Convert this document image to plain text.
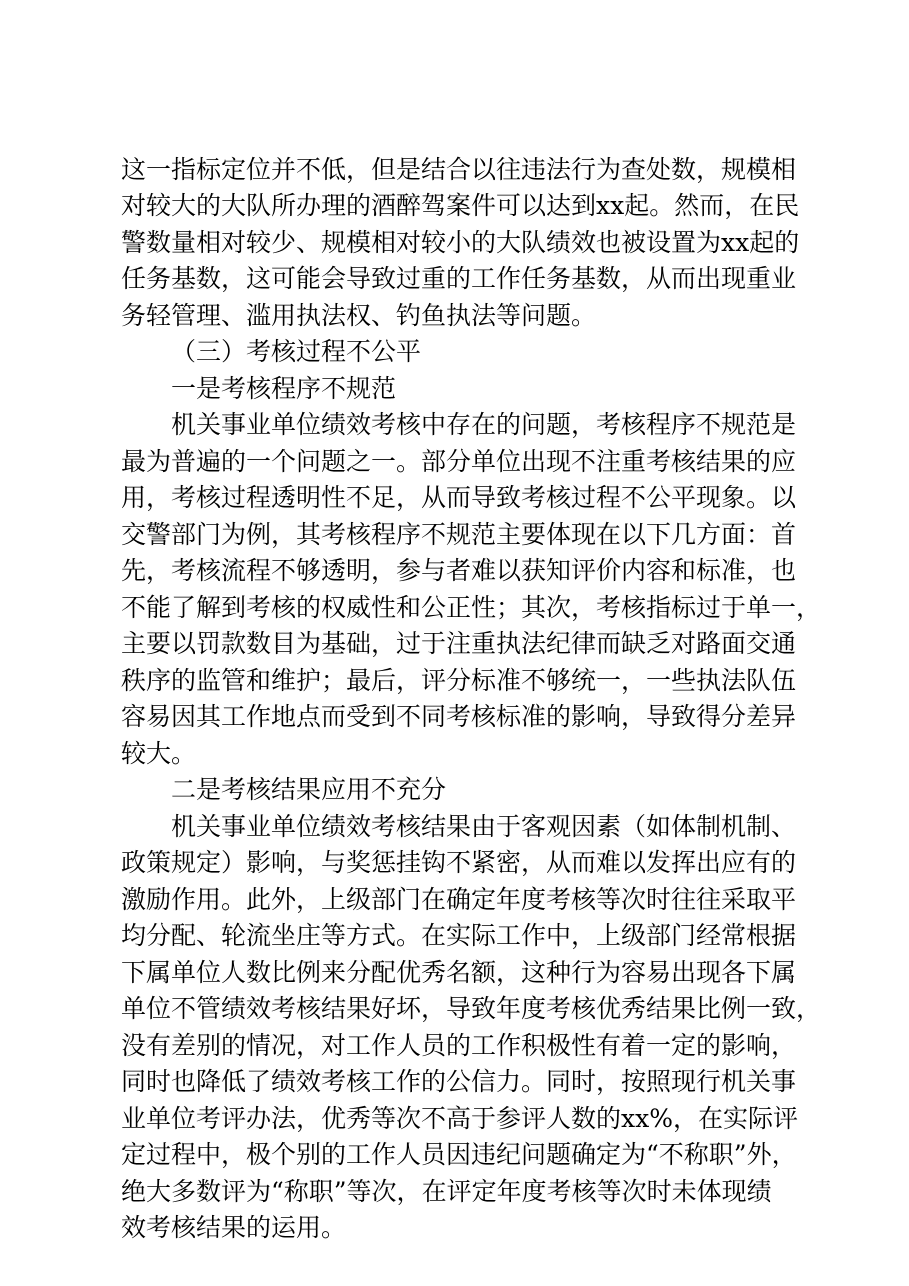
这一指标定位并不低，但是结合以往违法行为查处数，规模相
对较大的大队所办理的酒醉驾案件可以达到xx起。然而，在民
警数量相对较少、规模相对较小的大队绩效也被设置为xx起的
任务基数，这可能会导致过重的工作任务基数，从而出现重业
务轻管理、滥用执法权、钓鱼执法等问题。
（三）考核过程不公平
一是考核程序不规范
机关事业单位绩效考核中存在的问题，考核程序不规范是
最为普遍的一个问题之一。部分单位出现不注重考核结果的应
用，考核过程透明性不足，从而导致考核过程不公平现象。以
交警部门为例，其考核程序不规范主要体现在以下几方面：首
先，考核流程不够透明，参与者难以获知评价内容和标准，也
不能了解到考核的权威性和公正性；其次，考核指标过于单一，
主要以罚款数目为基础，过于注重执法纪律而缺乏对路面交通
秩序的监管和维护；最后，评分标准不够统一，一些执法队伍
容易因其工作地点而受到不同考核标准的影响，导致得分差异
较大。
二是考核结果应用不充分
机关事业单位绩效考核结果由于客观因素（如体制机制、
政策规定）影响，与奖惩挂钩不紧密，从而难以发挥出应有的
激励作用。此外，上级部门在确定年度考核等次时往往采取平
均分配、轮流坐庄等方式。在实际工作中，上级部门经常根据
下属单位人数比例来分配优秀名额，这种行为容易出现各下属
单位不管绩效考核结果好坏，导致年度考核优秀结果比例一致，
没有差别的情况，对工作人员的工作积极性有着一定的影响，
同时也降低了绩效考核工作的公信力。同时，按照现行机关事
业单位考评办法，优秀等次不高于参评人数的xx%，在实际评
定过程中，极个别的工作人员因违纪问题确定为“不称职”外，
绝大多数评为“称职”等次，在评定年度考核等次时未体现绩
效考核结果的运用。
